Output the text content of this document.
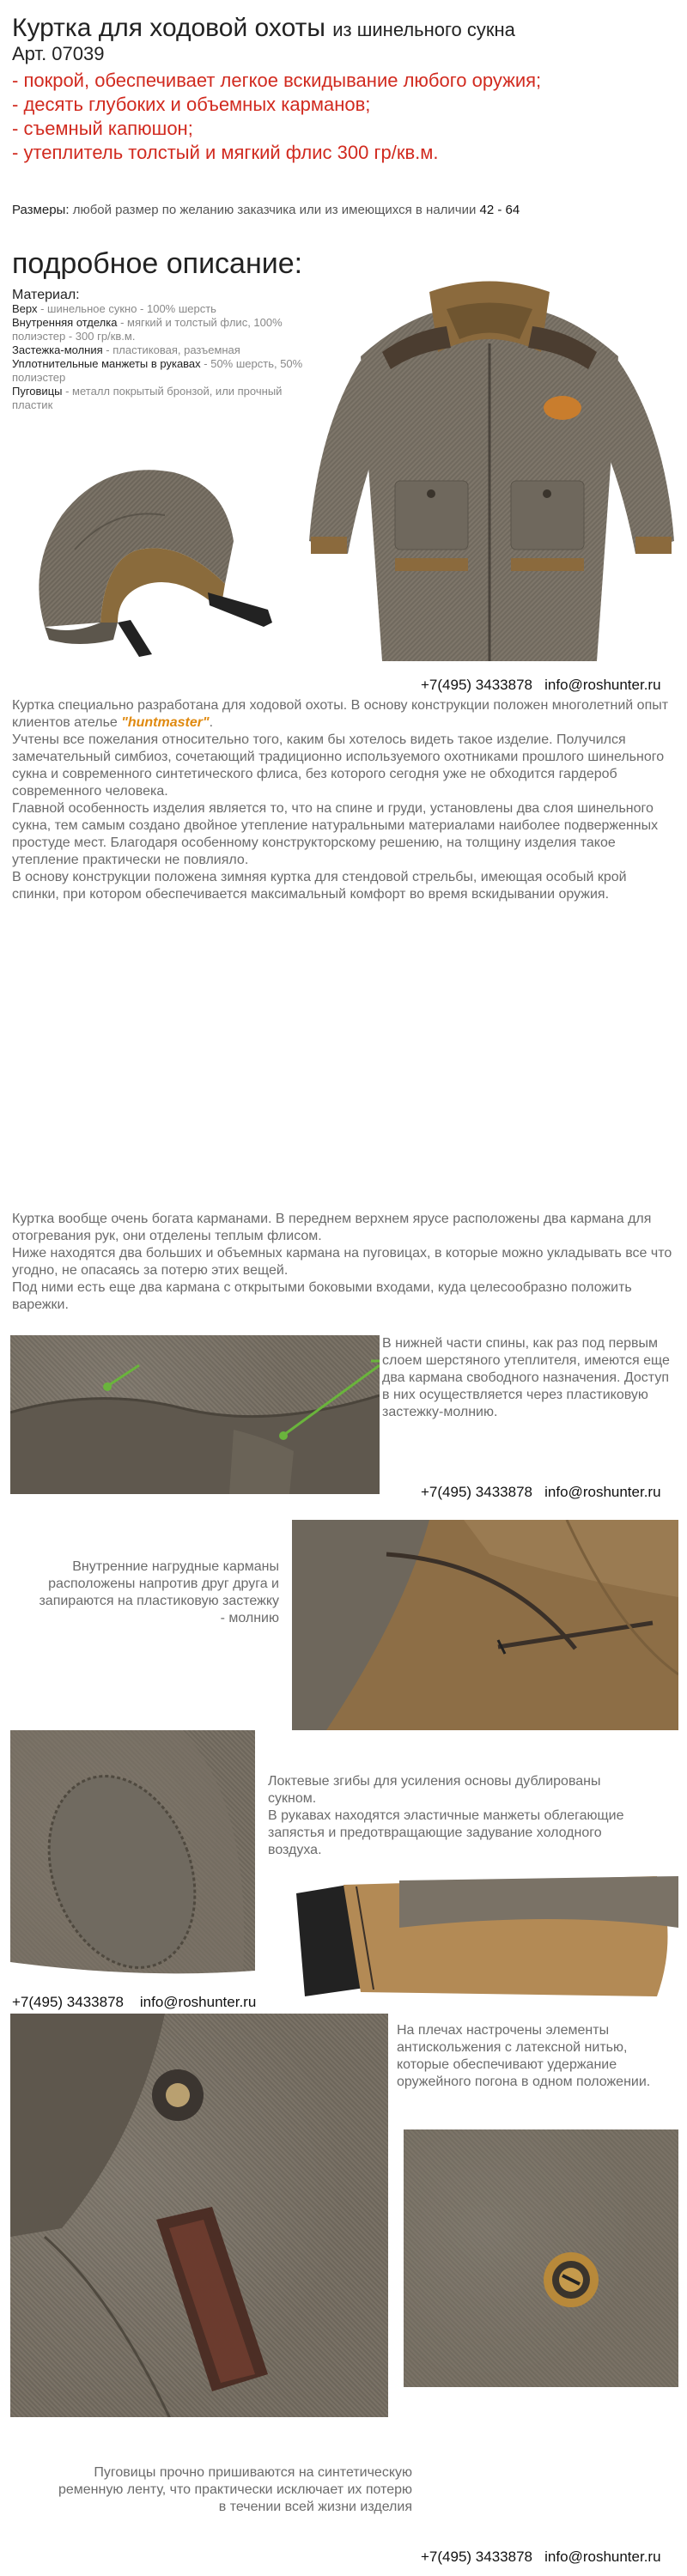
Куртка для ходовой охоты из шинельного сукна
Арт. 07039
- покрой, обеспечивает легкое вскидывание любого оружия;
- десять глубоких и объемных карманов;
- съемный капюшон;
- утеплитель толстый и мягкий флис 300 гр/кв.м.
Размеры: любой размер по желанию заказчика или из имеющихся в наличии 42 - 64
подробное описание:
Материал:
Верх - шинельное сукно - 100% шерсть
Внутренняя отделка - мягкий и толстый флис, 100% полиэстер - 300 гр/кв.м.
Застежка-молния - пластиковая, разъемная
Уплотнительные манжеты в рукавах - 50% шерсть, 50% полиэстер
Пуговицы - металл покрытый бронзой, или прочный пластик
+7(495) 3433878 info@roshunter.ru
Куртка специально разработана для ходовой охоты. В основу конструкции положен многолетний опыт клиентов ателье "huntmaster".
Учтены все пожелания относительно того, каким бы хотелось видеть такое изделие. Получился замечательный симбиоз, сочетающий традиционно используемого охотниками прошлого шинельного сукна и современного синтетического флиса, без которого сегодня уже не обходится гардероб современного человека.
Главной особенность изделия является то, что на спине и груди, установлены два слоя шинельного сукна, тем самым создано двойное утепление натуральными материалами наиболее подверженных простуде мест. Благодаря особенному конструкторскому решению, на толщину изделия такое утепление практически не повлияло.
В основу конструкции положена зимняя куртка для стендовой стрельбы, имеющая особый крой спинки, при котором обеспечивается максимальный комфорт во время вскидывании оружия.
Куртка вообще очень богата карманами. В переднем верхнем ярусе расположены два кармана для отогревания рук, они отделены теплым флисом.
Ниже находятся два больших и объемных кармана на пуговицах, в которые можно укладывать все что угодно, не опасаясь за потерю этих вещей.
Под ними есть еще два кармана с открытыми боковыми входами, куда целесообразно положить варежки.
В нижней части спины, как раз под первым слоем шерстяного утеплителя, имеются еще два кармана свободного назначения. Доступ в них осуществляется через пластиковую застежку-молнию.
+7(495) 3433878 info@roshunter.ru
Внутренние нагрудные карманы расположены напротив друг друга и запираются на пластиковую застежку - молнию
Локтевые згибы для усиления основы дублированы сукном.
В рукавах находятся эластичные манжеты облегающие запястья и предотвращающие задувание холодного воздуха.
+7(495) 3433878 info@roshunter.ru
На плечах настрочены элементы антискольжения с латексной нитью, которые обеспечивают удержание оружейного погона в одном положении.
Пуговицы прочно пришиваются на синтетическую ременную ленту, что практически исключает их потерю в течении всей жизни изделия
+7(495) 3433878 info@roshunter.ru
